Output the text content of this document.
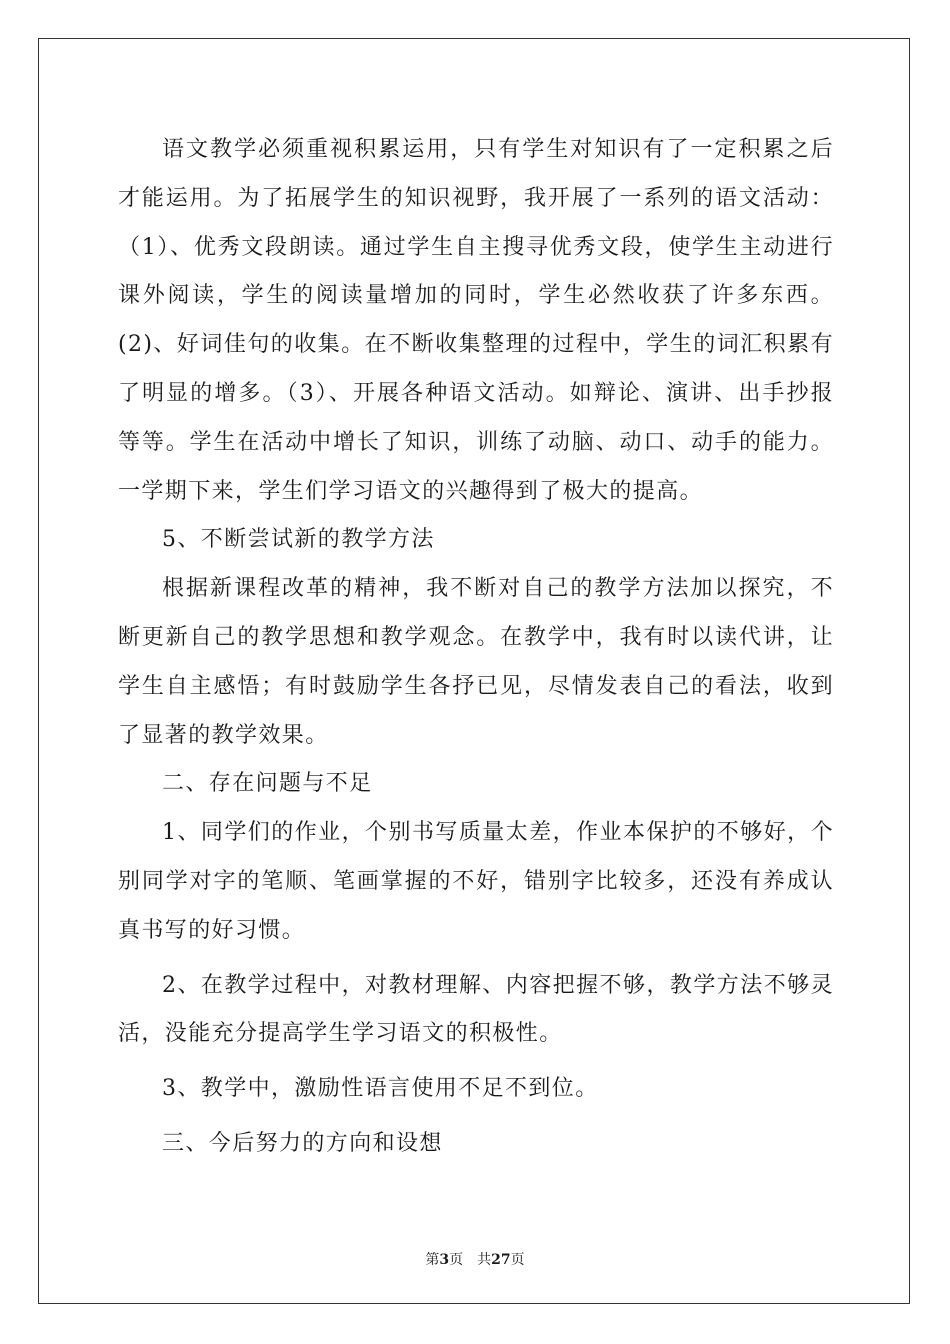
语文教学必须重视积累运用，只有学生对知识有了一定积累之后才能运用。为了拓展学生的知识视野，我开展了一系列的语文活动：（1）、优秀文段朗读。通过学生自主搜寻优秀文段，使学生主动进行课外阅读，学生的阅读量增加的同时，学生必然收获了许多东西。(2)、好词佳句的收集。在不断收集整理的过程中，学生的词汇积累有了明显的增多。（3）、开展各种语文活动。如辩论、演讲、出手抄报等等。学生在活动中增长了知识，训练了动脑、动口、动手的能力。一学期下来，学生们学习语文的兴趣得到了极大的提高。

5、不断尝试新的教学方法

根据新课程改革的精神，我不断对自己的教学方法加以探究，不断更新自己的教学思想和教学观念。在教学中，我有时以读代讲，让学生自主感悟；有时鼓励学生各抒已见，尽情发表自己的看法，收到了显著的教学效果。

二、存在问题与不足

1、同学们的作业，个别书写质量太差，作业本保护的不够好，个别同学对字的笔顺、笔画掌握的不好，错别字比较多，还没有养成认真书写的好习惯。

2、在教学过程中，对教材理解、内容把握不够，教学方法不够灵活，没能充分提高学生学习语文的积极性。

3、教学中，激励性语言使用不足不到位。

三、今后努力的方向和设想

第3页　共27页
